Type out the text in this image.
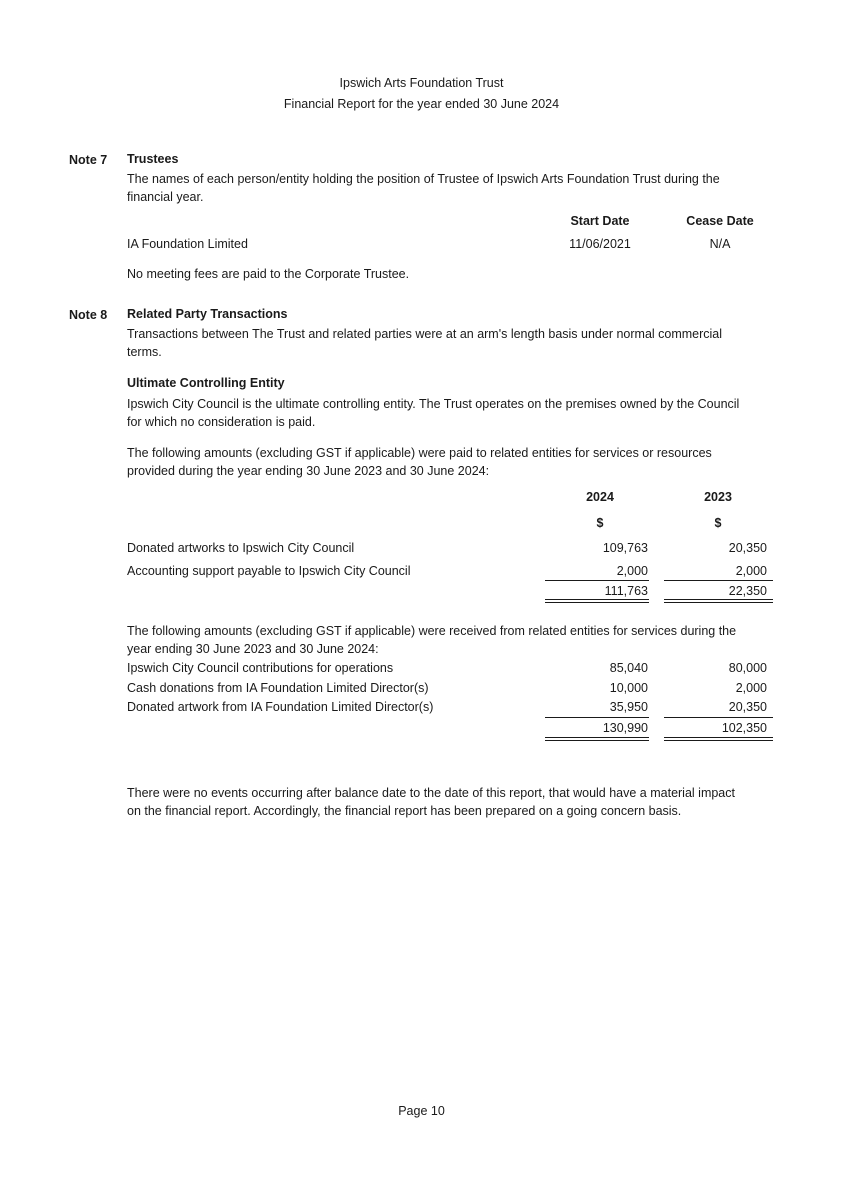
Ipswich Arts Foundation Trust
Financial Report for the year ended 30 June 2024
Note 7 Trustees
The names of each person/entity holding the position of Trustee of Ipswich Arts Foundation Trust during the
financial year.
Start Date	Cease Date
IA Foundation Limited	11/06/2021	N/A
No meeting fees are paid to the Corporate Trustee.
Note 8 Related Party Transactions
Transactions between The Trust and related parties were at an arm's length basis under normal commercial
terms.
Ultimate Controlling Entity
Ipswich City Council is the ultimate controlling entity. The Trust operates on the premises owned by the Council
for which no consideration is paid.
The following amounts (excluding GST if applicable) were paid to related entities for services or resources
provided during the year ending 30 June 2023 and 30 June 2024:
2024	2023
$	$
Donated artworks to Ipswich City Council	109,763	20,350
Accounting support payable to Ipswich City Council	2,000	2,000
111,763	22,350
The following amounts (excluding GST if applicable) were received from related entities for services during the
year ending 30 June 2023 and 30 June 2024:
Ipswich City Council contributions for operations	85,040	80,000
Cash donations from IA Foundation Limited Director(s)	10,000	2,000
Donated artwork from IA Foundation Limited Director(s)	35,950	20,350
130,990	102,350
There were no events occurring after balance date to the date of this report, that would have a material impact
on the financial report. Accordingly, the financial report has been prepared on a going concern basis.
Page 10
